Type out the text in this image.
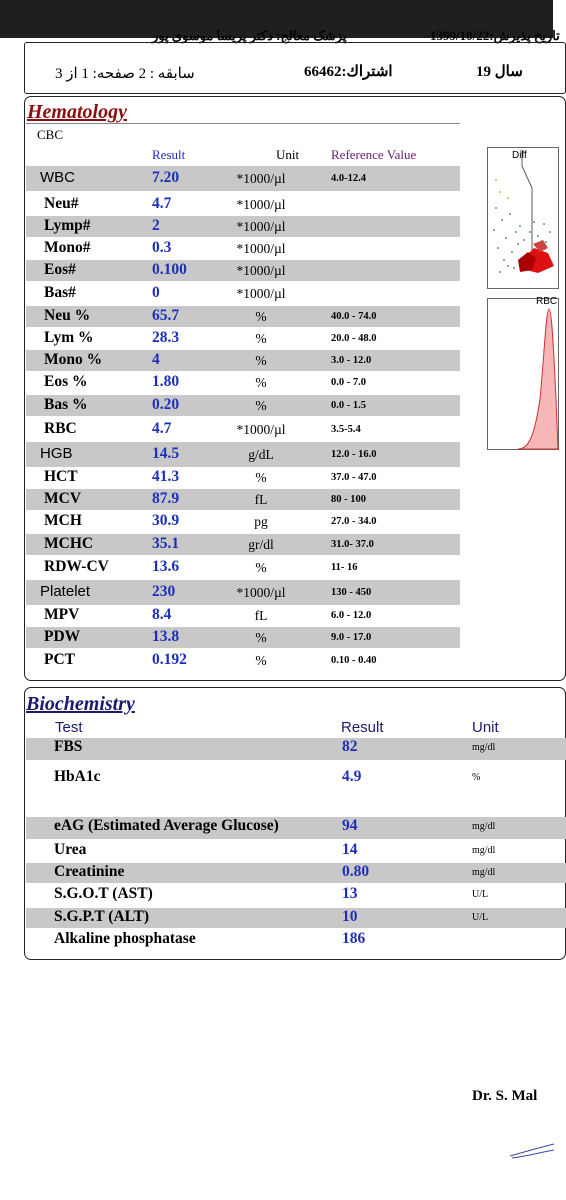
پزشک معالج: دکتر پریسا موسوی پور	1399/10/22:تاریخ پذیرش
سابقه : 2 صفحه: 1 از 3	اشتراك:66462	19 سال
Hematology
CBC
Result	Unit Reference Value
WBC	7.20	*1000/µl	4.0-12.4
Neu#	4.7	*1000/µl
Lymp#	2	*1000/µl
Mono#	0.3	*1000/µl
Eos#	0.100	*1000/µl
Bas#	0	*1000/µl
Neu %	65.7	%	40.0 - 74.0
Lym %	28.3	%	20.0 - 48.0
Mono %	4	%	3.0 - 12.0
Eos %	1.80	%	0.0 - 7.0
Bas %	0.20	%	0.0 - 1.5
RBC	4.7	*1000/µl	3.5-5.4
HGB	14.5	g/dL	12.0 - 16.0
HCT	41.3	%	37.0 - 47.0
MCV	87.9	fL	80 - 100
MCH	30.9	pg	27.0 - 34.0
MCHC	35.1	gr/dl	31.0- 37.0
RDW-CV	13.6	%	11- 16
Platelet	230	*1000/µl	130 - 450
MPV	8.4	fL	6.0 - 12.0
PDW	13.8	%	9.0 - 17.0
PCT	0.192	%	0.10 - 0.40
Diff
RBC
Biochemistry
Test	Result	Unit
FBS	82	mg/dl
HbA1c	4.9	%
eAG (Estimated Average Glucose)	94	mg/dl
Urea	14	mg/dl
Creatinine	0.80	mg/dl
S.G.O.T (AST)	13	U/L
S.G.P.T (ALT)	10	U/L
Alkaline phosphatase	186
Dr. S. Mal
